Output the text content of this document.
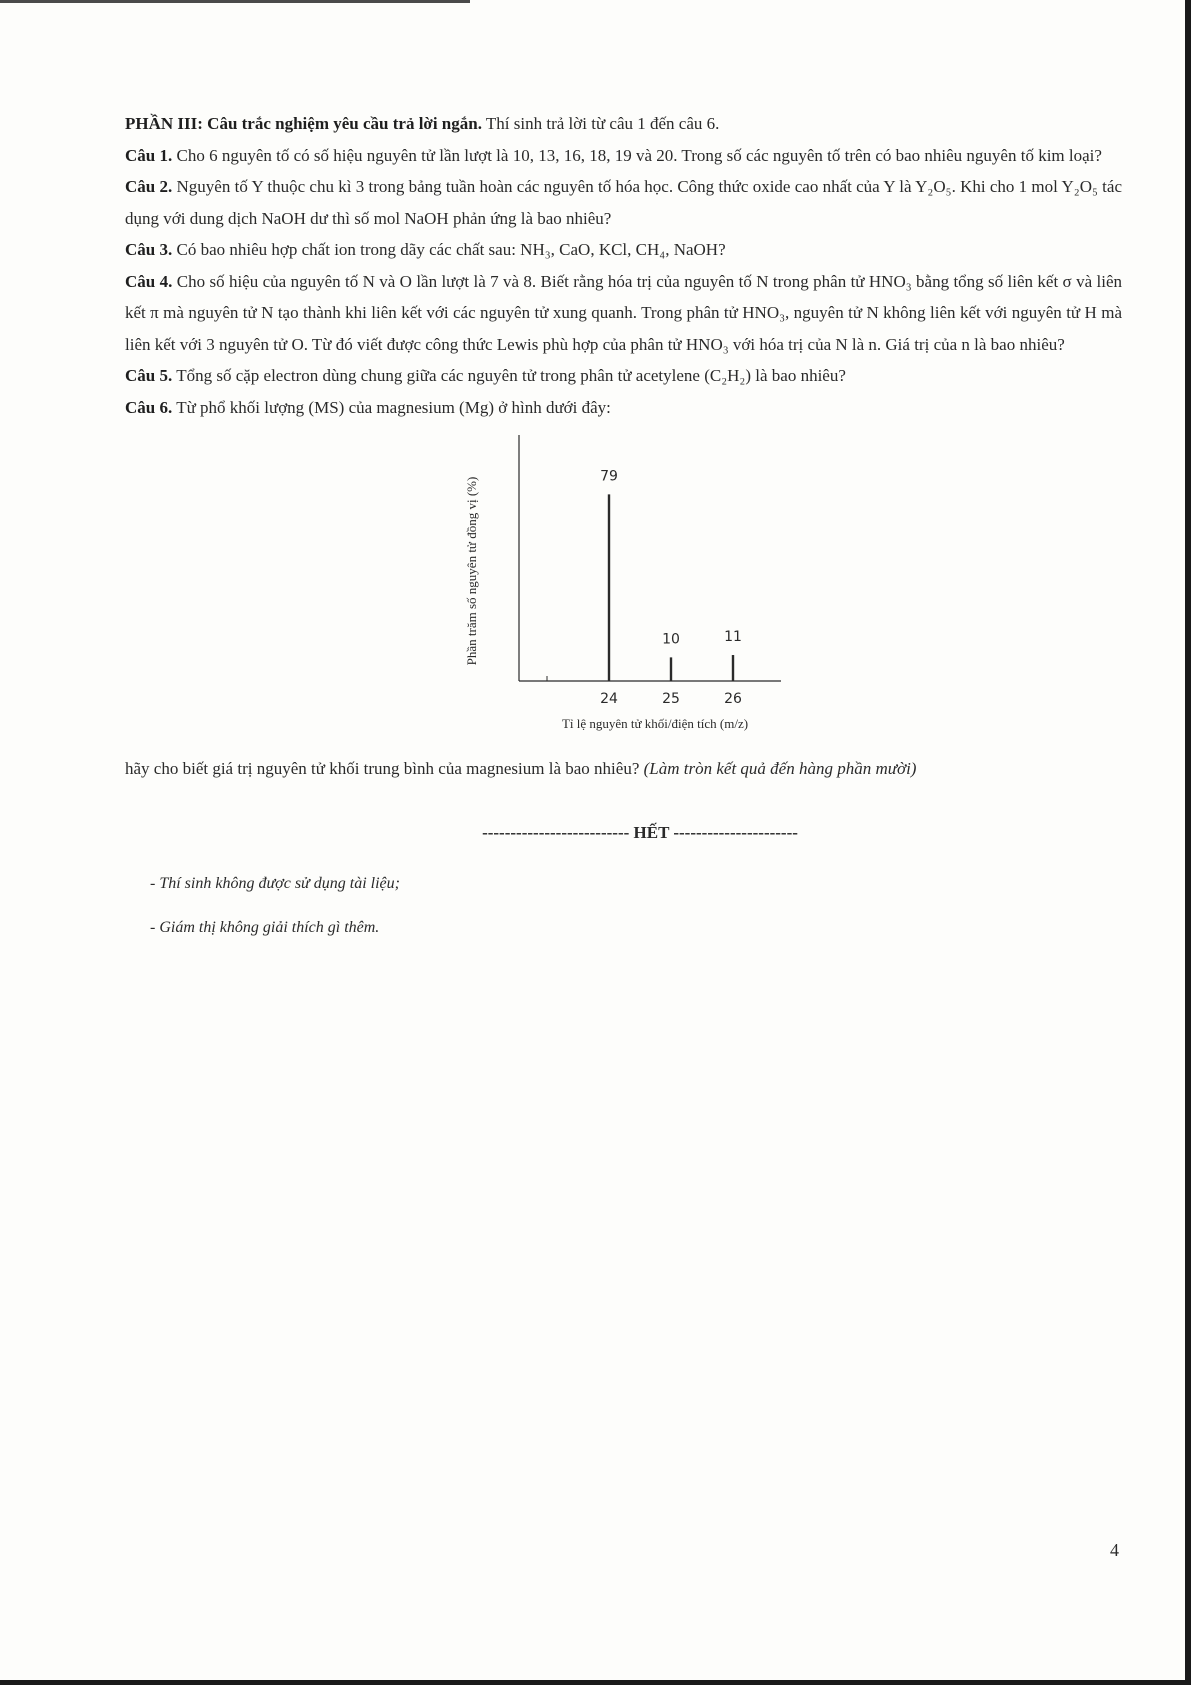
PHẦN III: Câu trắc nghiệm yêu cầu trả lời ngắn. Thí sinh trả lời từ câu 1 đến câu 6.

Câu 1. Cho 6 nguyên tố có số hiệu nguyên tử lần lượt là 10, 13, 16, 18, 19 và 20. Trong số các nguyên tố trên có bao nhiêu nguyên tố kim loại?

Câu 2. Nguyên tố Y thuộc chu kì 3 trong bảng tuần hoàn các nguyên tố hóa học. Công thức oxide cao nhất của Y là Y₂O₅. Khi cho 1 mol Y₂O₅ tác dụng với dung dịch NaOH dư thì số mol NaOH phản ứng là bao nhiêu?

Câu 3. Có bao nhiêu hợp chất ion trong dãy các chất sau: NH₃, CaO, KCl, CH₄, NaOH?

Câu 4. Cho số hiệu của nguyên tố N và O lần lượt là 7 và 8. Biết rằng hóa trị của nguyên tố N trong phân tử HNO₃ bằng tổng số liên kết σ và liên kết π mà nguyên tử N tạo thành khi liên kết với các nguyên tử xung quanh. Trong phân tử HNO₃, nguyên tử N không liên kết với nguyên tử H mà liên kết với 3 nguyên tử O. Từ đó viết được công thức Lewis phù hợp của phân tử HNO₃ với hóa trị của N là n. Giá trị của n là bao nhiêu?

Câu 5. Tổng số cặp electron dùng chung giữa các nguyên tử trong phân tử acetylene (C₂H₂) là bao nhiêu?

Câu 6. Từ phổ khối lượng (MS) của magnesium (Mg) ở hình dưới đây:

Phần trăm số nguyên tử đồng vị (%)
79
24
10
25
11
26
Tỉ lệ nguyên tử khối/điện tích (m/z)

hãy cho biết giá trị nguyên tử khối trung bình của magnesium là bao nhiêu? (Làm tròn kết quả đến hàng phần mười)

-------------------------- HẾT ----------------------

- Thí sinh không được sử dụng tài liệu;

- Giám thị không giải thích gì thêm.

4
